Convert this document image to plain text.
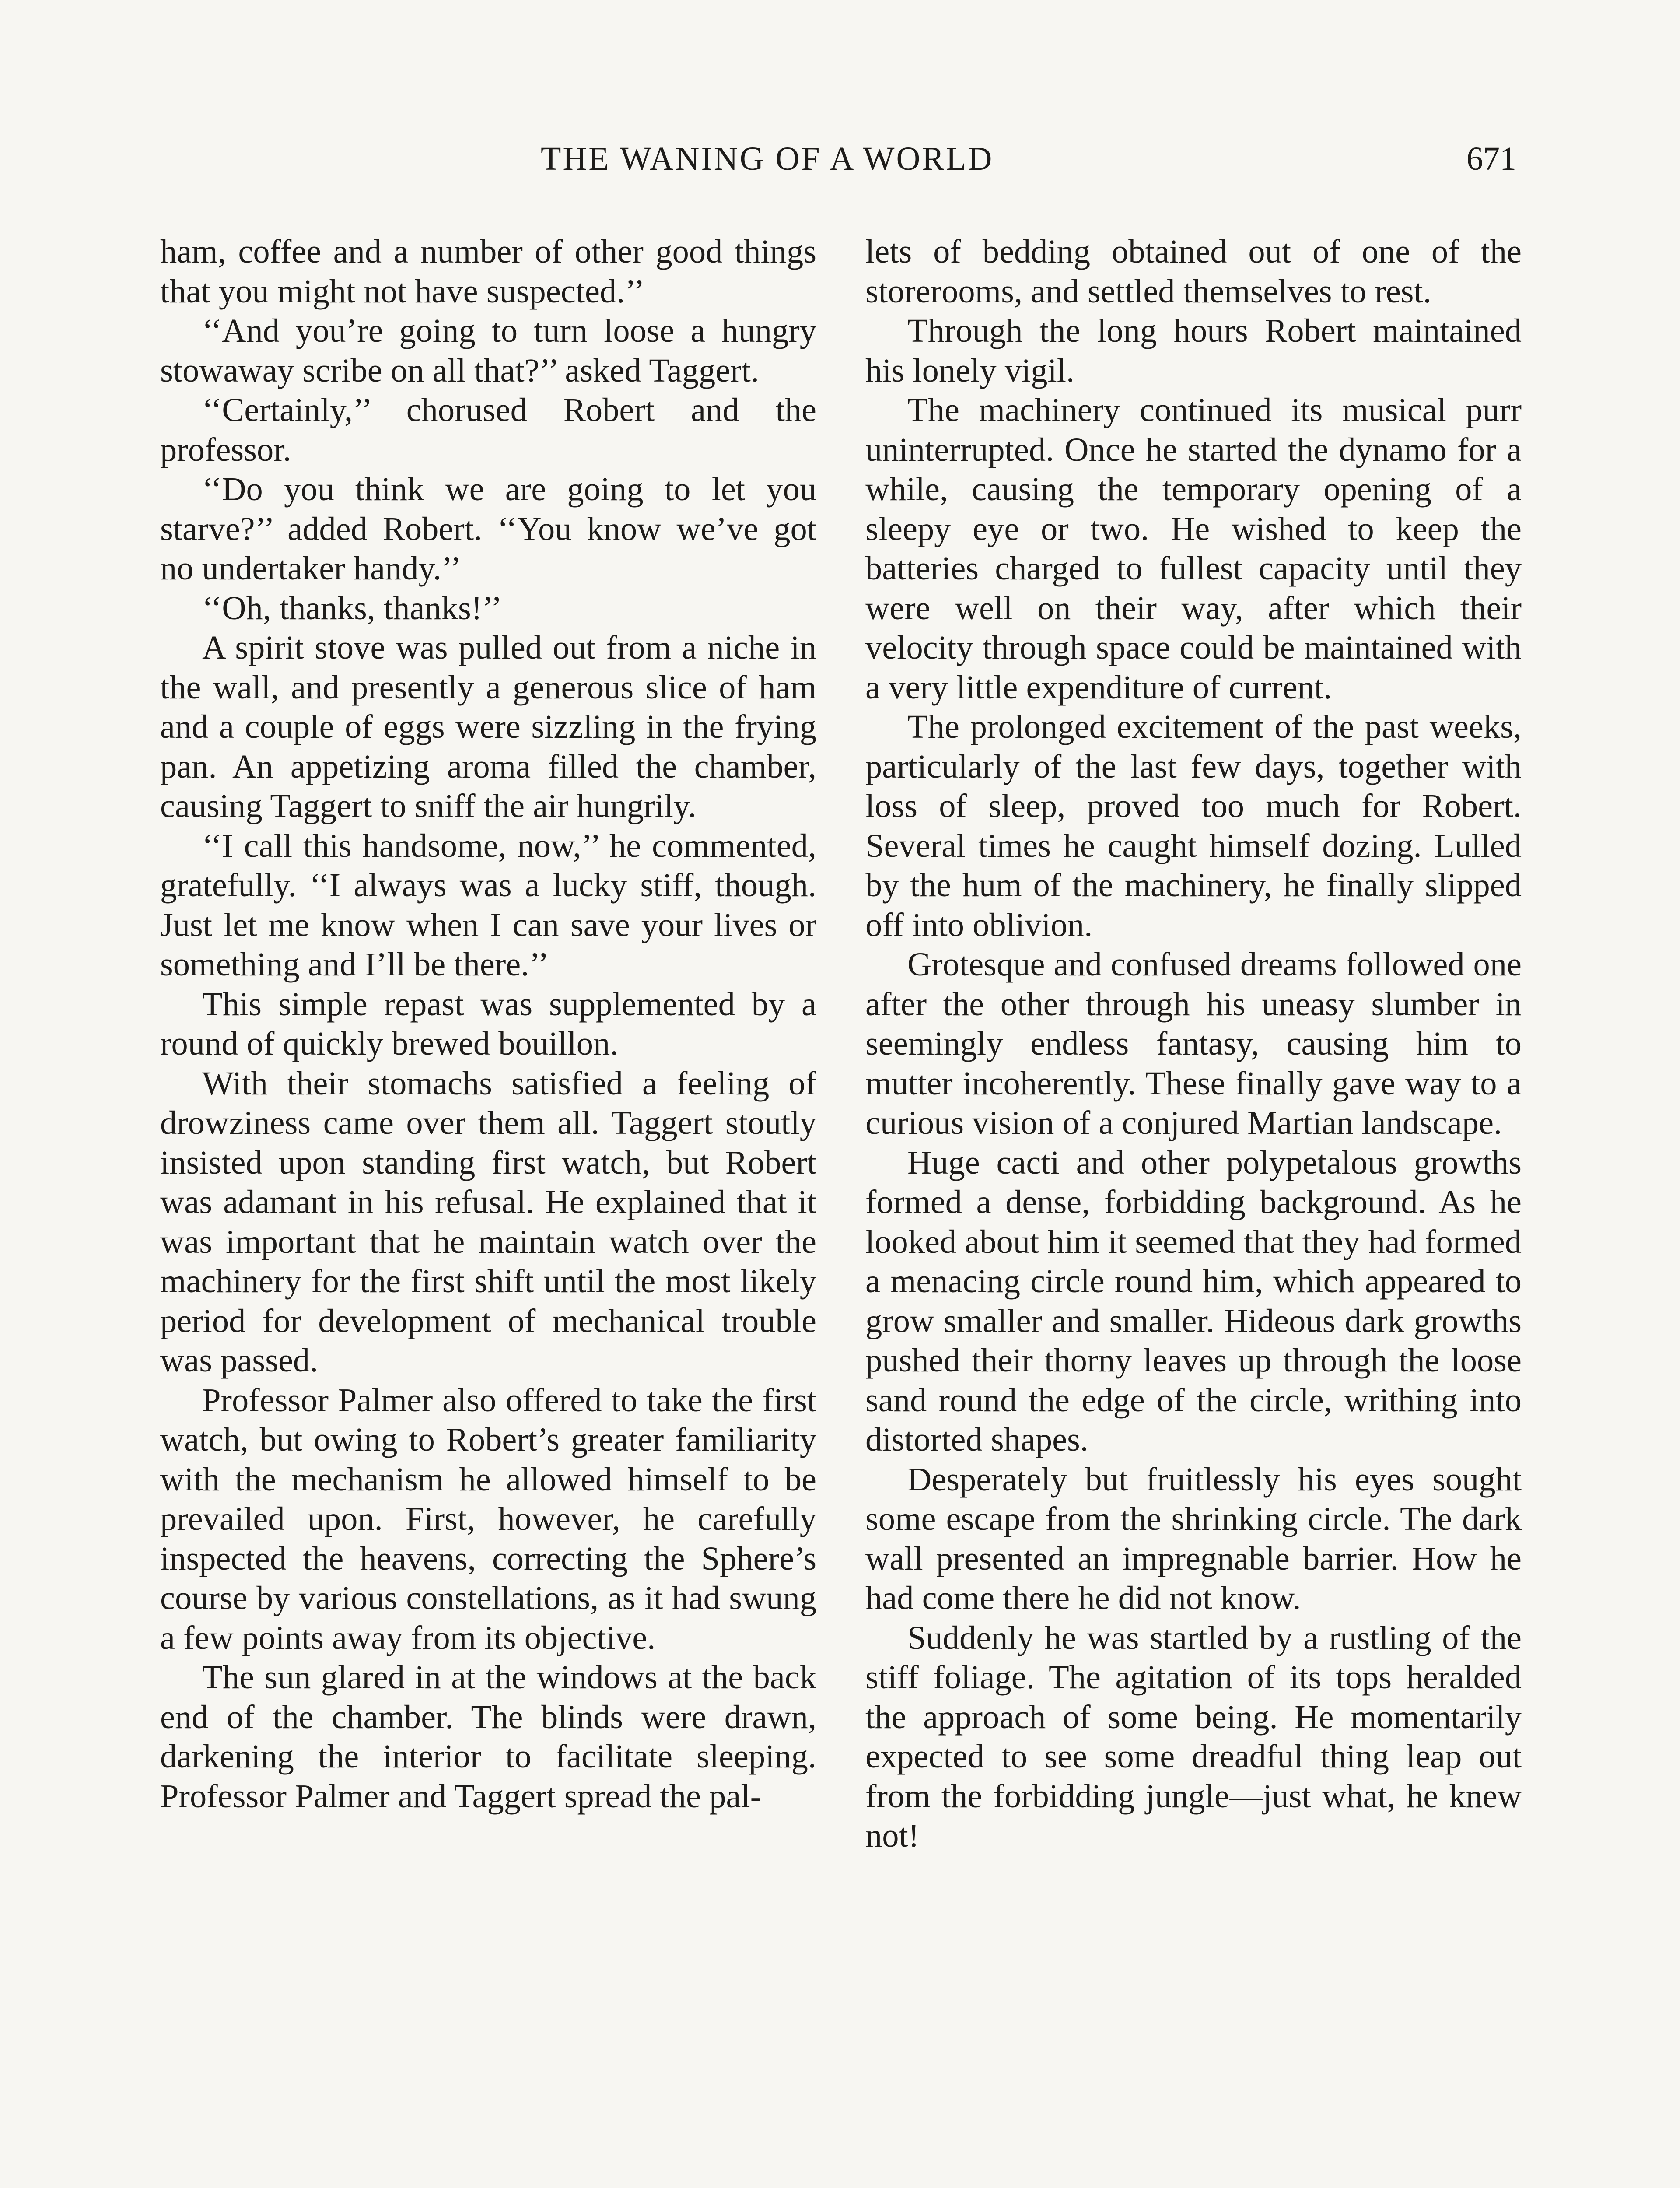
THE WANING OF A WORLD	671

ham, coffee and a number of other good things that you might not have suspected.’’

‘‘And you’re going to turn loose a hungry stowaway scribe on all that?’’ asked Taggert.

‘‘Certainly,’’ chorused Robert and the professor.

‘‘Do you think we are going to let you starve?’’ added Robert. ‘‘You know we’ve got no undertaker handy.’’

‘‘Oh, thanks, thanks!’’

A spirit stove was pulled out from a niche in the wall, and presently a generous slice of ham and a couple of eggs were sizzling in the frying pan. An appetizing aroma filled the chamber, causing Taggert to sniff the air hungrily.

‘‘I call this handsome, now,’’ he commented, gratefully. ‘‘I always was a lucky stiff, though. Just let me know when I can save your lives or something and I’ll be there.’’

This simple repast was supplemented by a round of quickly brewed bouillon.

With their stomachs satisfied a feeling of drowziness came over them all. Taggert stoutly insisted upon standing first watch, but Robert was adamant in his refusal. He explained that it was important that he maintain watch over the machinery for the first shift until the most likely period for development of mechanical trouble was passed.

Professor Palmer also offered to take the first watch, but owing to Robert’s greater familiarity with the mechanism he allowed himself to be prevailed upon. First, however, he carefully inspected the heavens, correcting the Sphere’s course by various constellations, as it had swung a few points away from its objective.

The sun glared in at the windows at the back end of the chamber. The blinds were drawn, darkening the interior to facilitate sleeping. Professor Palmer and Taggert spread the pal-

lets of bedding obtained out of one of the storerooms, and settled themselves to rest.

Through the long hours Robert maintained his lonely vigil.

The machinery continued its musical purr uninterrupted. Once he started the dynamo for a while, causing the temporary opening of a sleepy eye or two. He wished to keep the batteries charged to fullest capacity until they were well on their way, after which their velocity through space could be maintained with a very little expenditure of current.

The prolonged excitement of the past weeks, particularly of the last few days, together with loss of sleep, proved too much for Robert. Several times he caught himself dozing. Lulled by the hum of the machinery, he finally slipped off into oblivion.

Grotesque and confused dreams followed one after the other through his uneasy slumber in seemingly endless fantasy, causing him to mutter incoherently. These finally gave way to a curious vision of a conjured Martian landscape.

Huge cacti and other polypetalous growths formed a dense, forbidding background. As he looked about him it seemed that they had formed a menacing circle round him, which appeared to grow smaller and smaller. Hideous dark growths pushed their thorny leaves up through the loose sand round the edge of the circle, writhing into distorted shapes.

Desperately but fruitlessly his eyes sought some escape from the shrinking circle. The dark wall presented an impregnable barrier. How he had come there he did not know.

Suddenly he was startled by a rustling of the stiff foliage. The agitation of its tops heralded the approach of some being. He momentarily expected to see some dreadful thing leap out from the forbidding jungle—just what, he knew not!
